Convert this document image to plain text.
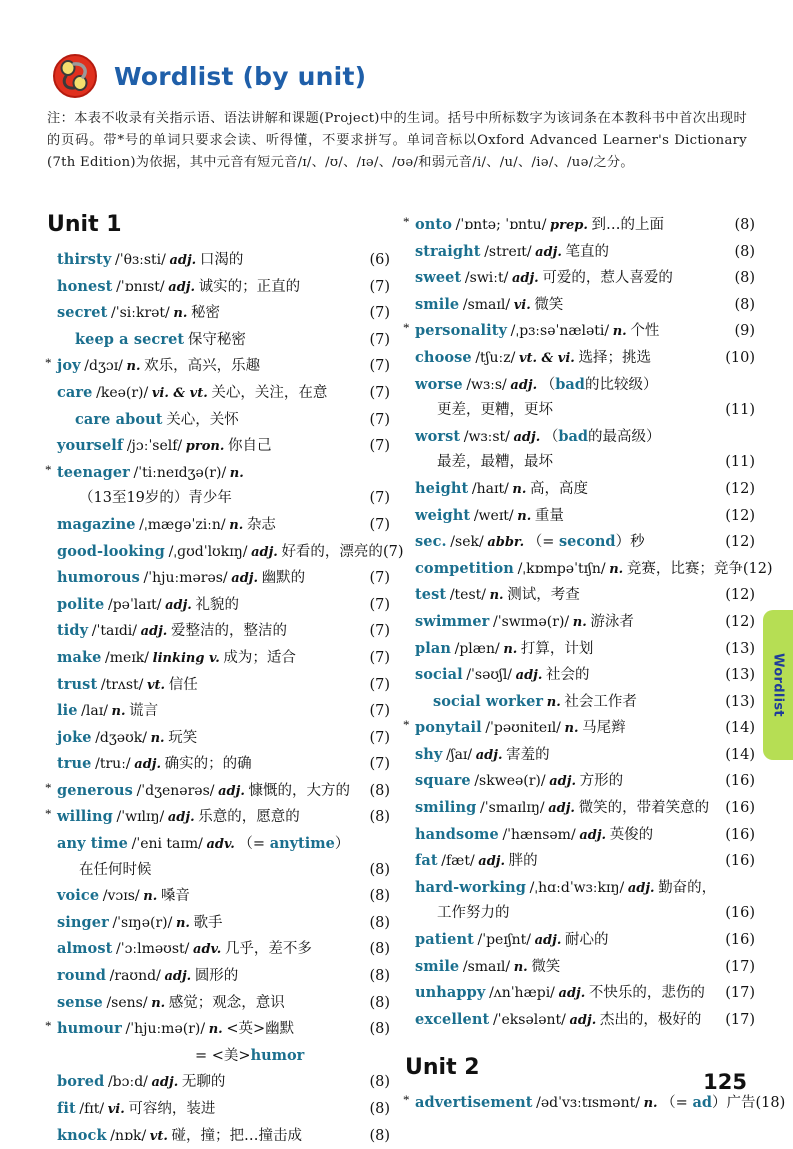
Wordlist (by unit)
注：本表不收录有关指示语、语法讲解和课题(Project)中的生词。括号中所标数字为该词条在本教科书中首次出现时的页码。带*号的单词只要求会读、听得懂，不要求拼写。单词音标以Oxford Advanced Learner's Dictionary (7th Edition)为依据，其中元音有短元音/ɪ/、/ʊ/、/ɪə/、/ʊə/和弱元音/i/、/u/、/iə/、/uə/之分。
Unit 1
thirsty /ˈθɜːsti/ adj. 口渴的	(6)
honest /ˈɒnɪst/ adj. 诚实的；正直的	(7)
secret /ˈsiːkrət/ n. 秘密	(7)
keep a secret 保守秘密	(7)
* joy /dʒɔɪ/ n. 欢乐，高兴，乐趣	(7)
care /keə(r)/ vi. & vt. 关心，关注，在意	(7)
care about 关心，关怀	(7)
yourself /jɔːˈself/ pron. 你自己	(7)
* teenager /ˈtiːneɪdʒə(r)/ n.
（13至19岁的）青少年	(7)
magazine /ˌmægəˈziːn/ n. 杂志	(7)
good-looking /ˌɡʊdˈlʊkɪŋ/ adj. 好看的，漂亮的(7)
humorous /ˈhjuːmərəs/ adj. 幽默的	(7)
polite /pəˈlaɪt/ adj. 礼貌的	(7)
tidy /ˈtaɪdi/ adj. 爱整洁的，整洁的	(7)
make /meɪk/ linking v. 成为；适合	(7)
trust /trʌst/ vt. 信任	(7)
lie /laɪ/ n. 谎言	(7)
joke /dʒəʊk/ n. 玩笑	(7)
true /truː/ adj. 确实的；的确	(7)
* generous /ˈdʒenərəs/ adj. 慷慨的，大方的	(8)
* willing /ˈwɪlɪŋ/ adj. 乐意的，愿意的	(8)
any time /ˈeni taɪm/ adv. （= anytime）
在任何时候	(8)
voice /vɔɪs/ n. 嗓音	(8)
singer /ˈsɪŋə(r)/ n. 歌手	(8)
almost /ˈɔːlməʊst/ adv. 几乎，差不多	(8)
round /raʊnd/ adj. 圆形的	(8)
sense /sens/ n. 感觉；观念，意识	(8)
* humour /ˈhjuːmə(r)/ n. <英>幽默	(8)
= <美>humor
bored /bɔːd/ adj. 无聊的	(8)
fit /fɪt/ vi. 可容纳，装进	(8)
knock /nɒk/ vt. 碰，撞；把…撞击成	(8)
* onto /ˈɒntə; ˈɒntu/ prep. 到…的上面	(8)
straight /streɪt/ adj. 笔直的	(8)
sweet /swiːt/ adj. 可爱的，惹人喜爱的	(8)
smile /smaɪl/ vi. 微笑	(8)
* personality /ˌpɜːsəˈnæləti/ n. 个性	(9)
choose /tʃuːz/ vt. & vi. 选择；挑选	(10)
worse /wɜːs/ adj. （bad的比较级）
更差，更糟，更坏	(11)
worst /wɜːst/ adj. （bad的最高级）
最差，最糟，最坏	(11)
height /haɪt/ n. 高，高度	(12)
weight /weɪt/ n. 重量	(12)
sec. /sek/ abbr. （= second）秒	(12)
competition /ˌkɒmpəˈtɪʃn/ n. 竞赛，比赛；竞争(12)
test /test/ n. 测试，考查	(12)
swimmer /ˈswɪmə(r)/ n. 游泳者	(12)
plan /plæn/ n. 打算，计划	(13)
social /ˈsəʊʃl/ adj. 社会的	(13)
social worker n. 社会工作者	(13)
* ponytail /ˈpəʊniteɪl/ n. 马尾辫	(14)
shy /ʃaɪ/ adj. 害羞的	(14)
square /skweə(r)/ adj. 方形的	(16)
smiling /ˈsmaɪlɪŋ/ adj. 微笑的，带着笑意的	(16)
handsome /ˈhænsəm/ adj. 英俊的	(16)
fat /fæt/ adj. 胖的	(16)
hard-working /ˌhɑːdˈwɜːkɪŋ/ adj. 勤奋的，
工作努力的	(16)
patient /ˈpeɪʃnt/ adj. 耐心的	(16)
smile /smaɪl/ n. 微笑	(17)
unhappy /ʌnˈhæpi/ adj. 不快乐的，悲伤的	(17)
excellent /ˈeksələnt/ adj. 杰出的，极好的	(17)
Unit 2
* advertisement /ədˈvɜːtɪsmənt/ n. （= ad）广告(18)
Wordlist
125
